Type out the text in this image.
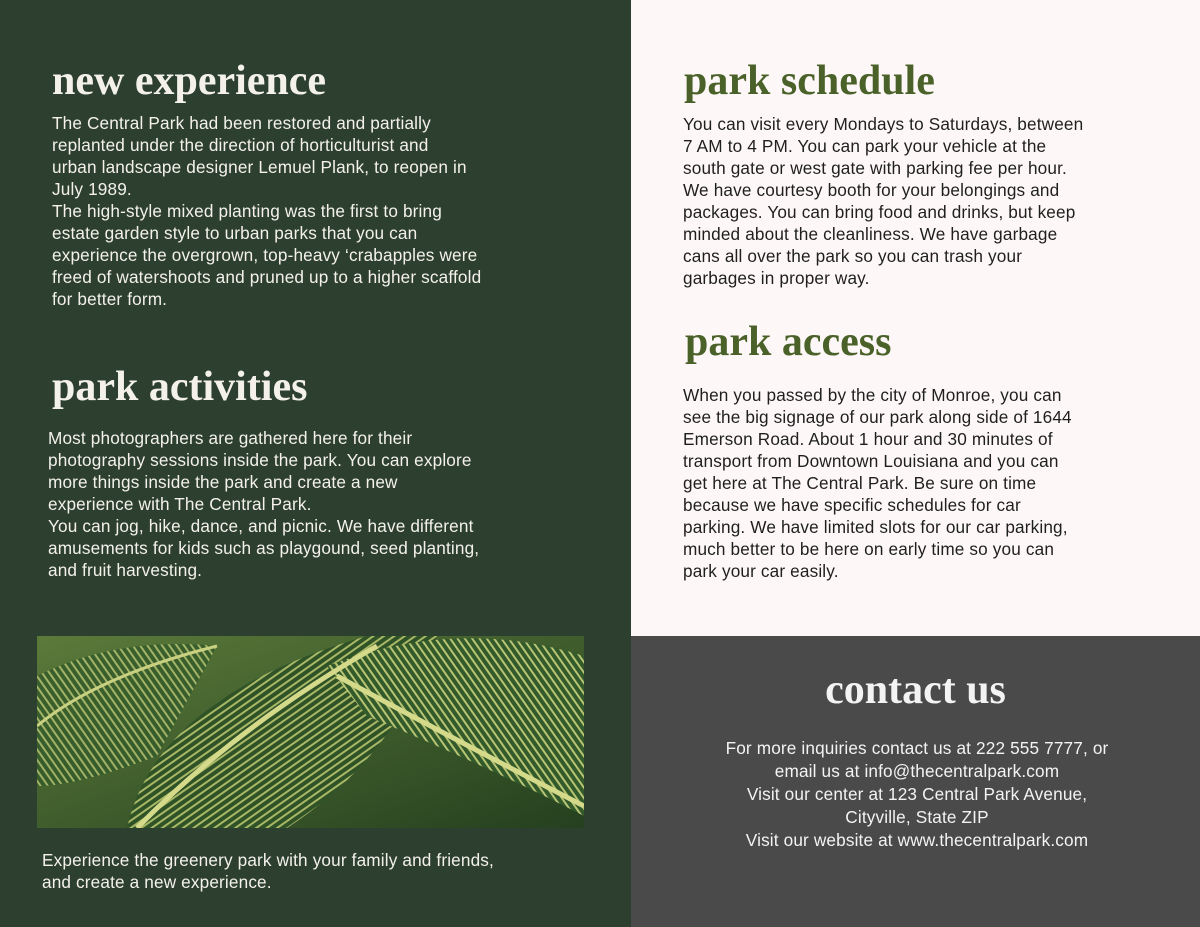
new experience
The Central Park had been restored and partially
replanted under the direction of horticulturist and
urban landscape designer Lemuel Plank, to reopen in
July 1989.
The high-style mixed planting was the first to bring
estate garden style to urban parks that you can
experience the overgrown, top-heavy ‘crabapples were
freed of watershoots and pruned up to a higher scaffold
for better form.
park activities
Most photographers are gathered here for their
photography sessions inside the park. You can explore
more things inside the park and create a new
experience with The Central Park.
You can jog, hike, dance, and picnic. We have different
amusements for kids such as playgound, seed planting,
and fruit harvesting.
Experience the greenery park with your family and friends,
and create a new experience.
park schedule
You can visit every Mondays to Saturdays, between
7 AM to 4 PM. You can park your vehicle at the
south gate or west gate with parking fee per hour.
We have courtesy booth for your belongings and
packages. You can bring food and drinks, but keep
minded about the cleanliness. We have garbage
cans all over the park so you can trash your
garbages in proper way.
park access
When you passed by the city of Monroe, you can
see the big signage of our park along side of 1644
Emerson Road. About 1 hour and 30 minutes of
transport from Downtown Louisiana and you can
get here at The Central Park. Be sure on time
because we have specific schedules for car
parking. We have limited slots for our car parking,
much better to be here on early time so you can
park your car easily.
contact us
For more inquiries contact us at 222 555 7777, or
email us at info@thecentralpark.com
Visit our center at 123 Central Park Avenue,
Cityville, State ZIP
Visit our website at www.thecentralpark.com
